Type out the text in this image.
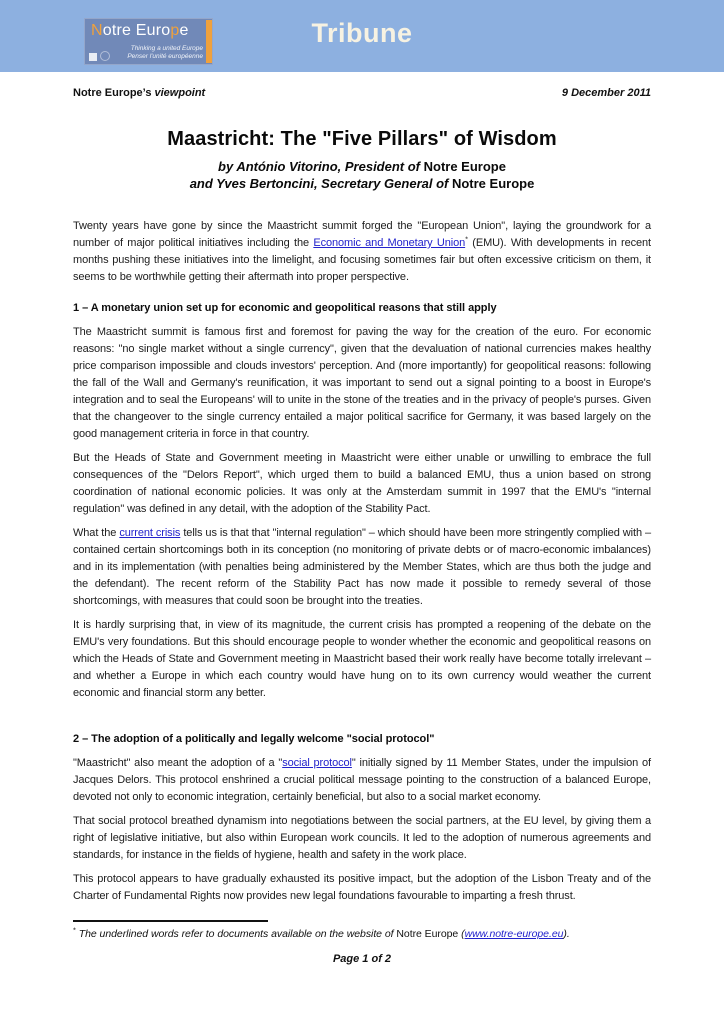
Notre Europe
Thinking a united Europe
Penser l'unité européenne
Tribune
Notre Europe’s viewpoint	9 December 2011
Maastricht: The "Five Pillars" of Wisdom
by António Vitorino, President of Notre Europe
and Yves Bertoncini, Secretary General of Notre Europe

Twenty years have gone by since the Maastricht summit forged the "European Union", laying the groundwork for a number of major political initiatives including the Economic and Monetary Union* (EMU). With developments in recent months pushing these initiatives into the limelight, and focusing sometimes fair but often excessive criticism on them, it seems to be worthwhile getting their aftermath into proper perspective.

1 – A monetary union set up for economic and geopolitical reasons that still apply

The Maastricht summit is famous first and foremost for paving the way for the creation of the euro. For economic reasons: "no single market without a single currency", given that the devaluation of national currencies makes healthy price comparison impossible and clouds investors' perception. And (more importantly) for geopolitical reasons: following the fall of the Wall and Germany's reunification, it was important to send out a signal pointing to a boost in Europe's integration and to seal the Europeans' will to unite in the stone of the treaties and in the privacy of people's purses. Given that the changeover to the single currency entailed a major political sacrifice for Germany, it was based largely on the good management criteria in force in that country.

But the Heads of State and Government meeting in Maastricht were either unable or unwilling to embrace the full consequences of the "Delors Report", which urged them to build a balanced EMU, thus a union based on strong coordination of national economic policies. It was only at the Amsterdam summit in 1997 that the EMU's "internal regulation" was defined in any detail, with the adoption of the Stability Pact.

What the current crisis tells us is that that "internal regulation" – which should have been more stringently complied with – contained certain shortcomings both in its conception (no monitoring of private debts or of macro-economic imbalances) and in its implementation (with penalties being administered by the Member States, which are thus both the judge and the defendant). The recent reform of the Stability Pact has now made it possible to remedy several of those shortcomings, with measures that could soon be brought into the treaties.

It is hardly surprising that, in view of its magnitude, the current crisis has prompted a reopening of the debate on the EMU's very foundations. But this should encourage people to wonder whether the economic and geopolitical reasons on which the Heads of State and Government meeting in Maastricht based their work really have become totally irrelevant – and whether a Europe in which each country would have hung on to its own currency would weather the current economic and financial storm any better.

2 – The adoption of a politically and legally welcome "social protocol"

"Maastricht" also meant the adoption of a "social protocol" initially signed by 11 Member States, under the impulsion of Jacques Delors. This protocol enshrined a crucial political message pointing to the construction of a balanced Europe, devoted not only to economic integration, certainly beneficial, but also to a social market economy.

That social protocol breathed dynamism into negotiations between the social partners, at the EU level, by giving them a right of legislative initiative, but also within European work councils. It led to the adoption of numerous agreements and standards, for instance in the fields of hygiene, health and safety in the work place.

This protocol appears to have gradually exhausted its positive impact, but the adoption of the Lisbon Treaty and of the Charter of Fundamental Rights now provides new legal foundations favourable to imparting a fresh thrust.

* The underlined words refer to documents available on the website of Notre Europe (www.notre-europe.eu).
Page 1 of 2
